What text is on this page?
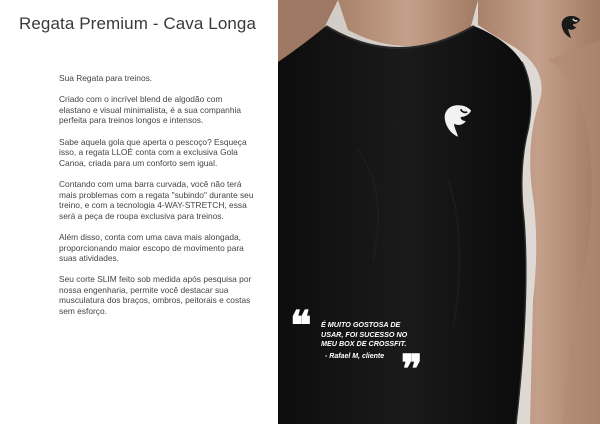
Regata Premium - Cava Longa

Sua Regata para treinos.

Criado com o incrível blend de algodão com elastano e visual minimalista, é a sua companhia perfeita para treinos longos e intensos.

Sabe aquela gola que aperta o pescoço? Esqueça isso, a regata LLOÉ conta com a exclusiva Gola Canoa, criada para um conforto sem igual.

Contando com uma barra curvada, você não terá mais problemas com a regata "subindo" durante seu treino, e com a tecnologia 4-WAY-STRETCH, essa será a peça de roupa exclusiva para treinos.

Além disso, conta com uma cava mais alongada, proporcionando maior escopo de movimento para suas atividades.

Seu corte SLIM feito sob medida após pesquisa por nossa engenharia, permite você destacar sua musculatura dos braços, ombros, peitorais e costas sem esforço.	❝ É MUITO GOSTOSA DE USAR, FOI SUCESSO NO MEU BOX DE CROSSFIT.
- Rafael M, cliente ❞
